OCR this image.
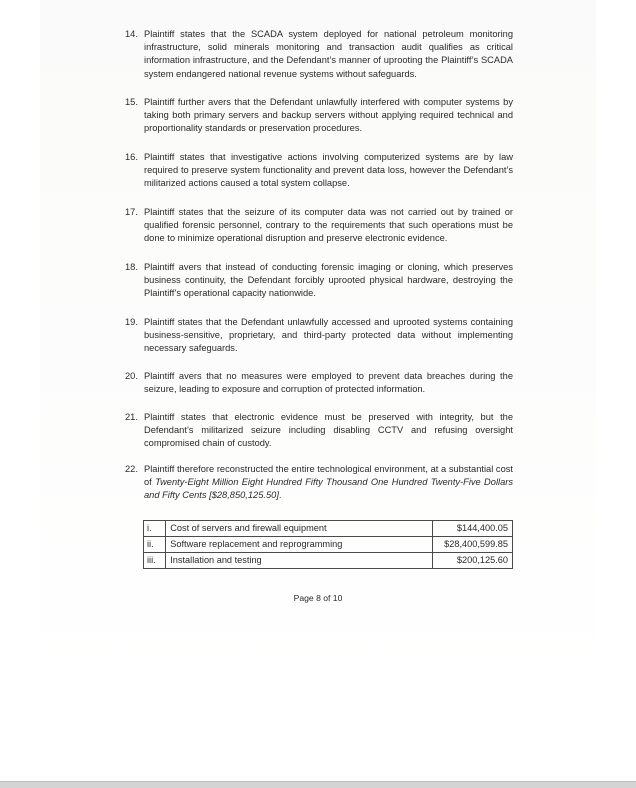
14. Plaintiff states that the SCADA system deployed for national petroleum monitoring infrastructure, solid minerals monitoring and transaction audit qualifies as critical information infrastructure, and the Defendant’s manner of uprooting the Plaintiff’s SCADA system endangered national revenue systems without safeguards.
15. Plaintiff further avers that the Defendant unlawfully interfered with computer systems by taking both primary servers and backup servers without applying required technical and proportionality standards or preservation procedures.
16. Plaintiff states that investigative actions involving computerized systems are by law required to preserve system functionality and prevent data loss, however the Defendant’s militarized actions caused a total system collapse.
17. Plaintiff states that the seizure of its computer data was not carried out by trained or qualified forensic personnel, contrary to the requirements that such operations must be done to minimize operational disruption and preserve electronic evidence.
18. Plaintiff avers that instead of conducting forensic imaging or cloning, which preserves business continuity, the Defendant forcibly uprooted physical hardware, destroying the Plaintiff’s operational capacity nationwide.
19. Plaintiff states that the Defendant unlawfully accessed and uprooted systems containing business-sensitive, proprietary, and third-party protected data without implementing necessary safeguards.
20. Plaintiff avers that no measures were employed to prevent data breaches during the seizure, leading to exposure and corruption of protected information.
21. Plaintiff states that electronic evidence must be preserved with integrity, but the Defendant’s militarized seizure including disabling CCTV and refusing oversight compromised chain of custody.
22. Plaintiff therefore reconstructed the entire technological environment, at a substantial cost of Twenty-Eight Million Eight Hundred Fifty Thousand One Hundred Twenty-Five Dollars and Fifty Cents [$28,850,125.50].
i.	Cost of servers and firewall equipment	$144,400.05
ii.	Software replacement and reprogramming	$28,400,599.85
iii.	Installation and testing	$200,125.60
Page 8 of 10
